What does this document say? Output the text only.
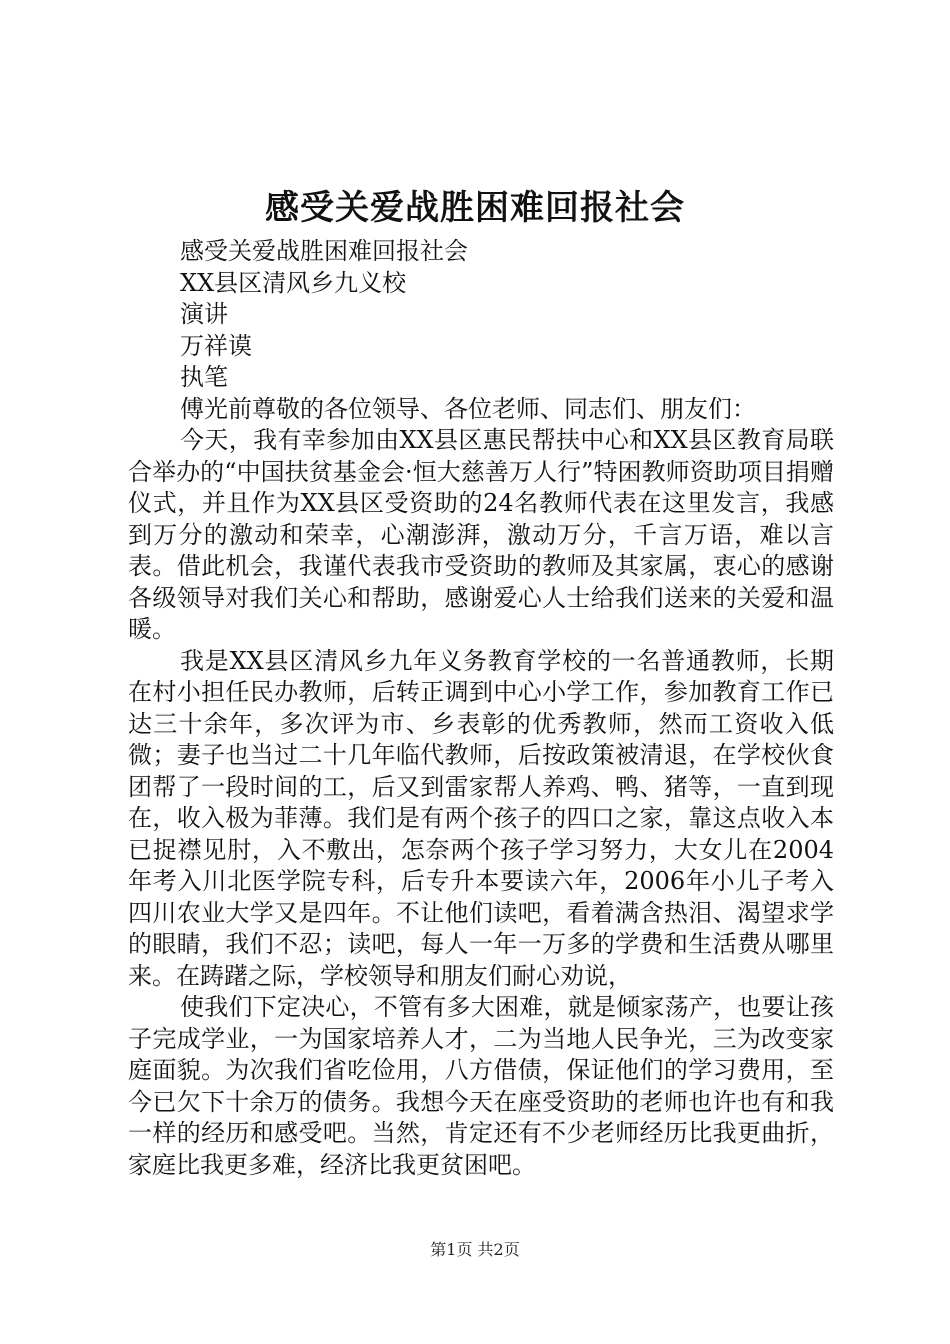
感受关爱战胜困难回报社会

感受关爱战胜困难回报社会

XX县区清风乡九义校

演讲

万祥谟

执笔

傅光前尊敬的各位领导、各位老师、同志们、朋友们：

今天，我有幸参加由XX县区惠民帮扶中心和XX县区教育局联合举办的“中国扶贫基金会·恒大慈善万人行”特困教师资助项目捐赠仪式，并且作为XX县区受资助的24名教师代表在这里发言，我感到万分的激动和荣幸，心潮澎湃，激动万分，千言万语，难以言表。借此机会，我谨代表我市受资助的教师及其家属，衷心的感谢各级领导对我们关心和帮助，感谢爱心人士给我们送来的关爱和温暖。

我是XX县区清风乡九年义务教育学校的一名普通教师，长期在村小担任民办教师，后转正调到中心小学工作，参加教育工作已达三十余年，多次评为市、乡表彰的优秀教师，然而工资收入低微；妻子也当过二十几年临代教师，后按政策被清退，在学校伙食团帮了一段时间的工，后又到雷家帮人养鸡、鸭、猪等，一直到现在，收入极为菲薄。我们是有两个孩子的四口之家，靠这点收入本已捉襟见肘，入不敷出，怎奈两个孩子学习努力，大女儿在2004年考入川北医学院专科，后专升本要读六年，2006年小儿子考入四川农业大学又是四年。不让他们读吧，看着满含热泪、渴望求学的眼睛，我们不忍；读吧，每人一年一万多的学费和生活费从哪里来。在踌躇之际，学校领导和朋友们耐心劝说，

使我们下定决心，不管有多大困难，就是倾家荡产，也要让孩子完成学业，一为国家培养人才，二为当地人民争光，三为改变家庭面貌。为次我们省吃俭用，八方借债，保证他们的学习费用，至今已欠下十余万的债务。我想今天在座受资助的老师也许也有和我一样的经历和感受吧。当然，肯定还有不少老师经历比我更曲折，家庭比我更多难，经济比我更贫困吧。

第1页 共2页
